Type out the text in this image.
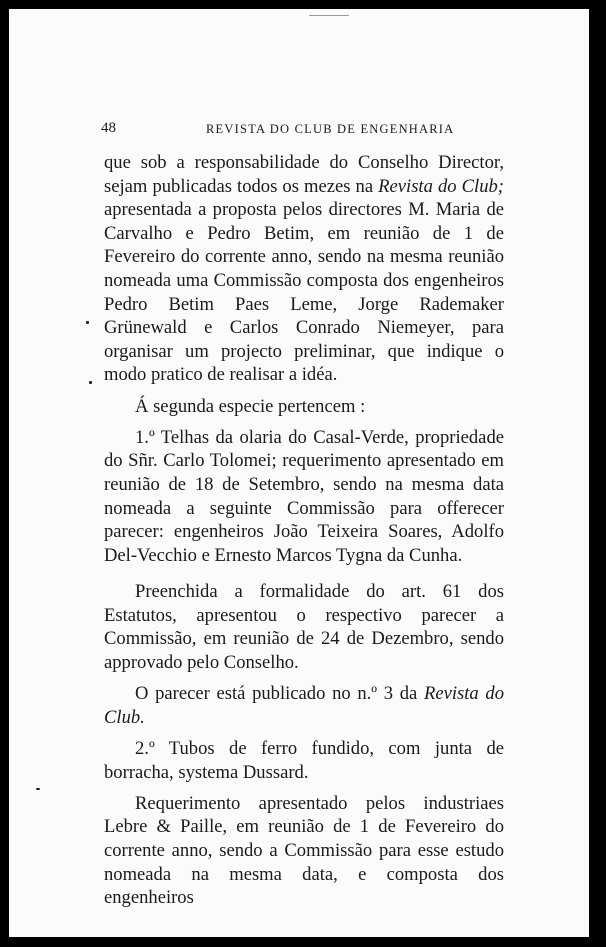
48	REVISTA DO CLUB DE ENGENHARIA

que sob a responsabilidade do Conselho Director, sejam publicadas todos os mezes na Revista do Club; apresentada a proposta pelos directores M. Maria de Carvalho e Pedro Betim, em reunião de 1 de Fevereiro do corrente anno, sendo na mesma reunião nomeada uma Commissão composta dos engenheiros Pedro Betim Paes Leme, Jorge Rademaker Grünewald e Carlos Conrado Niemeyer, para organisar um projecto preliminar, que indique o modo pratico de realisar a idéa.

Á segunda especie pertencem :

1.º Telhas da olaria do Casal-Verde, propriedade do Sñr. Carlo Tolomei; requerimento apresentado em reunião de 18 de Setembro, sendo na mesma data nomeada a seguinte Commissão para offerecer parecer: engenheiros João Teixeira Soares, Adolfo Del-Vecchio e Ernesto Marcos Tygna da Cunha.

Preenchida a formalidade do art. 61 dos Estatutos, apresentou o respectivo parecer a Commissão, em reunião de 24 de Dezembro, sendo approvado pelo Conselho.

O parecer está publicado no n.º 3 da Revista do Club.

2.º Tubos de ferro fundido, com junta de borracha, systema Dussard.

Requerimento apresentado pelos industriaes Lebre & Paille, em reunião de 1 de Fevereiro do corrente anno, sendo a Commissão para esse estudo nomeada na mesma data, e composta dos engenheiros
